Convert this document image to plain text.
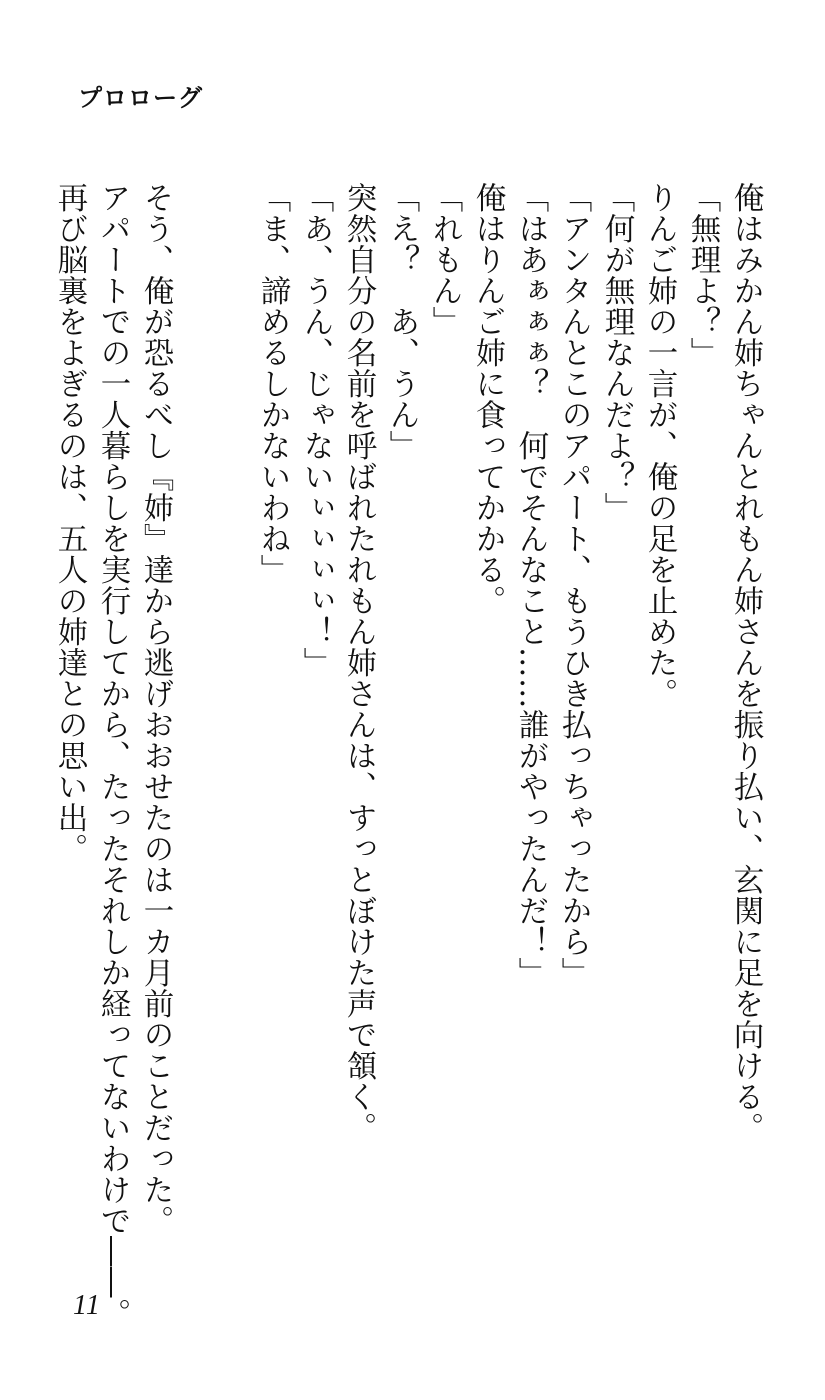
プロローグ
俺はみかん姉ちゃんとれもん姉さんを振り払い、玄関に足を向ける。
「無理よ？」
りんご姉の一言が、俺の足を止めた。
「何が無理なんだよ？」
「アンタんとこのアパート、もうひき払っちゃったから」
「はあぁぁぁ？　何でそんなこと……誰がやったんだ！」
俺はりんご姉に食ってかかる。
「れもん」
「え？　あ、うん」
突然自分の名前を呼ばれたれもん姉さんは、すっとぼけた声で頷く。
「あ、うん、じゃないぃぃぃぃ！」
「ま、諦めるしかないわね」
そう、俺が恐るべし『姉』達から逃げおおせたのは一カ月前のことだった。
アパートでの一人暮らしを実行してから、たったそれしか経ってないわけで――。
再び脳裏をよぎるのは、五人の姉達との思い出。
11
